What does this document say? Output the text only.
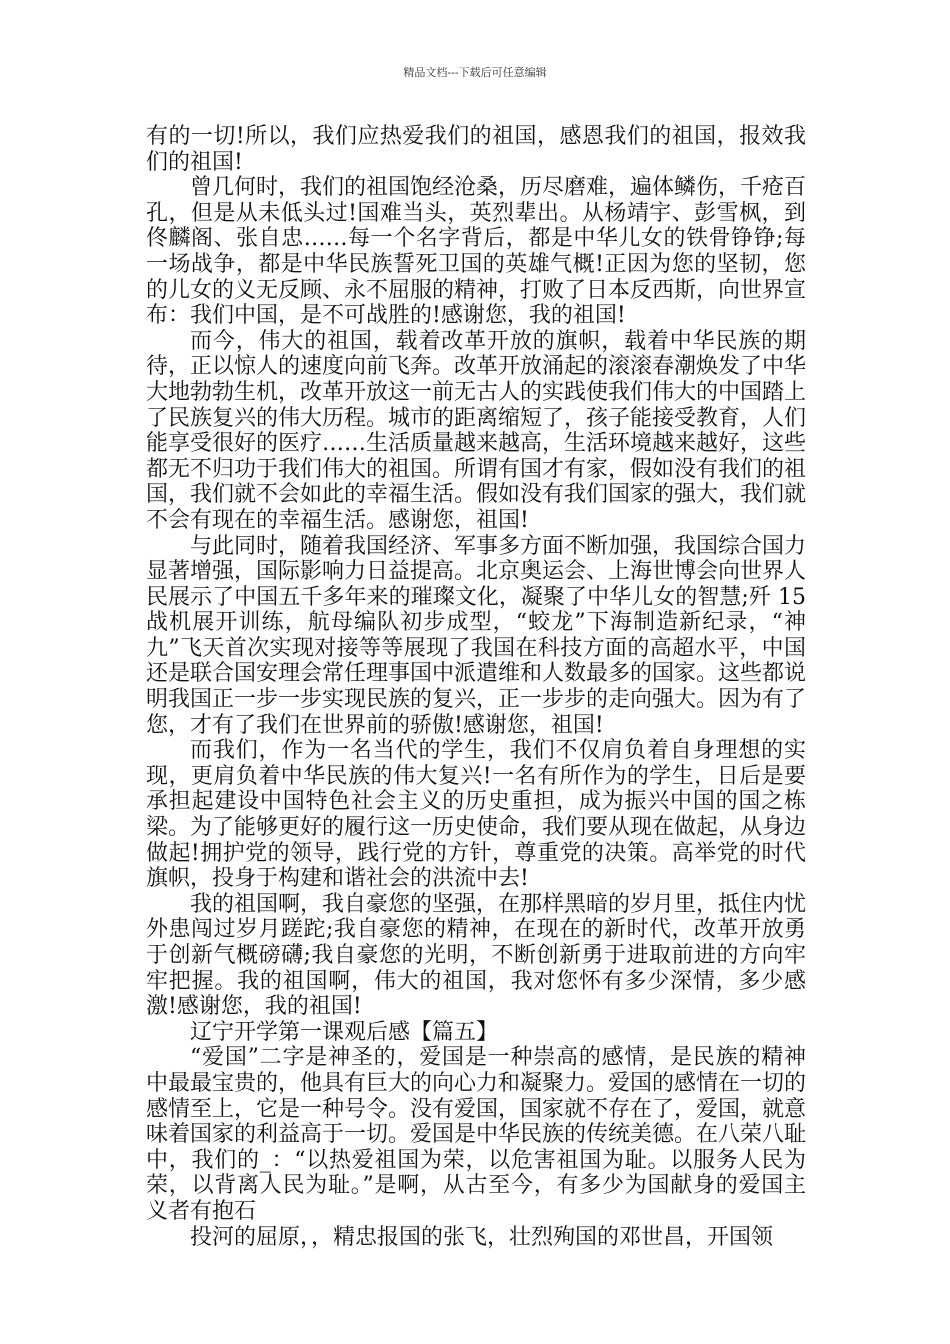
精品文档---下载后可任意编辑

有的一切!所以，我们应热爱我们的祖国，感恩我们的祖国，报效我们的祖国!

曾几何时，我们的祖国饱经沧桑，历尽磨难，遍体鳞伤，千疮百孔，但是从未低头过!国难当头，英烈辈出。从杨靖宇、彭雪枫，到佟麟阁、张自忠……每一个名字背后，都是中华儿女的铁骨铮铮;每一场战争，都是中华民族誓死卫国的英雄气概!正因为您的坚韧，您的儿女的义无反顾、永不屈服的精神，打败了日本反西斯，向世界宣布：我们中国，是不可战胜的!感谢您，我的祖国!

而今，伟大的祖国，载着改革开放的旗帜，载着中华民族的期待，正以惊人的速度向前飞奔。改革开放涌起的滚滚春潮焕发了中华大地勃勃生机，改革开放这一前无古人的实践使我们伟大的中国踏上了民族复兴的伟大历程。城市的距离缩短了，孩子能接受教育，人们能享受很好的医疗……生活质量越来越高，生活环境越来越好，这些都无不归功于我们伟大的祖国。所谓有国才有家，假如没有我们的祖国，我们就不会如此的幸福生活。假如没有我们国家的强大，我们就不会有现在的幸福生活。感谢您，祖国!

与此同时，随着我国经济、军事多方面不断加强，我国综合国力显著增强，国际影响力日益提高。北京奥运会、上海世博会向世界人民展示了中国五千多年来的璀璨文化，凝聚了中华儿女的智慧;歼 15 战机展开训练，航母编队初步成型，“蛟龙”下海制造新纪录，“神九”飞天首次实现对接等等展现了我国在科技方面的高超水平，中国还是联合国安理会常任理事国中派遣维和人数最多的国家。这些都说明我国正一步一步实现民族的复兴，正一步步的走向强大。因为有了您，才有了我们在世界前的骄傲!感谢您，祖国!

而我们，作为一名当代的学生，我们不仅肩负着自身理想的实现，更肩负着中华民族的伟大复兴!一名有所作为的学生，日后是要承担起建设中国特色社会主义的历史重担，成为振兴中国的国之栋梁。为了能够更好的履行这一历史使命，我们要从现在做起，从身边做起!拥护党的领导，践行党的方针，尊重党的决策。高举党的时代旗帜，投身于构建和谐社会的洪流中去!

我的祖国啊，我自豪您的坚强，在那样黑暗的岁月里，抵住内忧外患闯过岁月蹉跎;我自豪您的精神，在现在的新时代，改革开放勇于创新气概磅礴;我自豪您的光明，不断创新勇于进取前进的方向牢牢把握。我的祖国啊，伟大的祖国，我对您怀有多少深情，多少感激!感谢您，我的祖国!

辽宁开学第一课观后感【篇五】

“爱国”二字是神圣的，爱国是一种崇高的感情，是民族的精神中最最宝贵的，他具有巨大的向心力和凝聚力。爱国的感情在一切的感情至上，它是一种号令。没有爱国，国家就不存在了，爱国，就意味着国家的利益高于一切。爱国是中华民族的传统美德。在八荣八耻中，我们的_：“以热爱祖国为荣，以危害祖国为耻。以服务人民为荣，以背离人民为耻。”是啊，从古至今，有多少为国献身的爱国主义者有抱石

投河的屈原，，精忠报国的张飞，壮烈殉国的邓世昌，开国领
